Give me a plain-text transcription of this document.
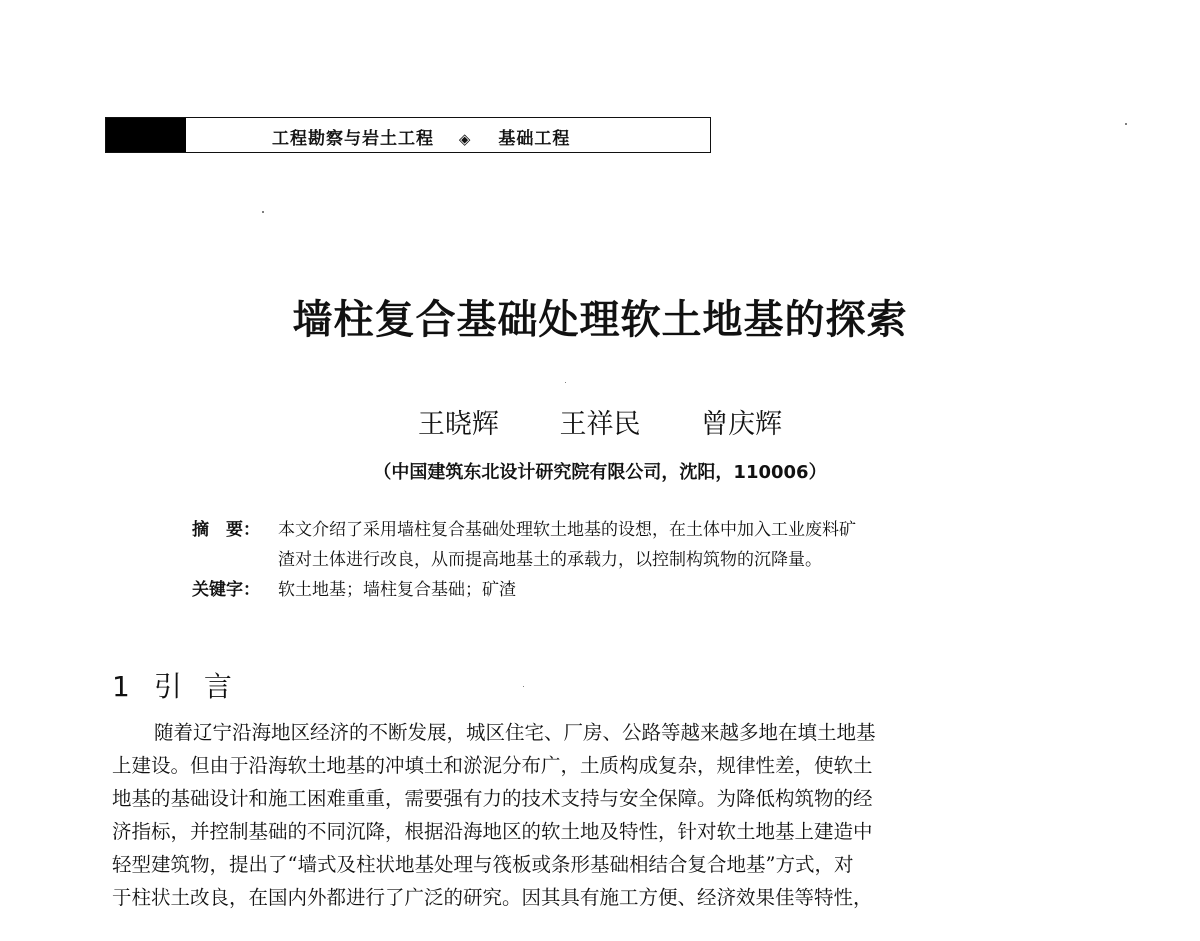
工程勘察与岩土工程 ◈ 基础工程
墙柱复合基础处理软土地基的探索
王晓辉 王祥民 曾庆辉
（中国建筑东北设计研究院有限公司，沈阳，110006）
摘　要： 本文介绍了采用墙柱复合基础处理软土地基的设想，在土体中加入工业废料矿
渣对土体进行改良，从而提高地基土的承载力，以控制构筑物的沉降量。
关键字： 软土地基；墙柱复合基础；矿渣
1 引言
随着辽宁沿海地区经济的不断发展，城区住宅、厂房、公路等越来越多地在填土地基
上建设。但由于沿海软土地基的冲填土和淤泥分布广，土质构成复杂，规律性差，使软土
地基的基础设计和施工困难重重，需要强有力的技术支持与安全保障。为降低构筑物的经
济指标，并控制基础的不同沉降，根据沿海地区的软土地及特性，针对软土地基上建造中
轻型建筑物，提出了“墙式及柱状地基处理与筏板或条形基础相结合复合地基”方式，对
于柱状土改良，在国内外都进行了广泛的研究。因其具有施工方便、经济效果佳等特性，
